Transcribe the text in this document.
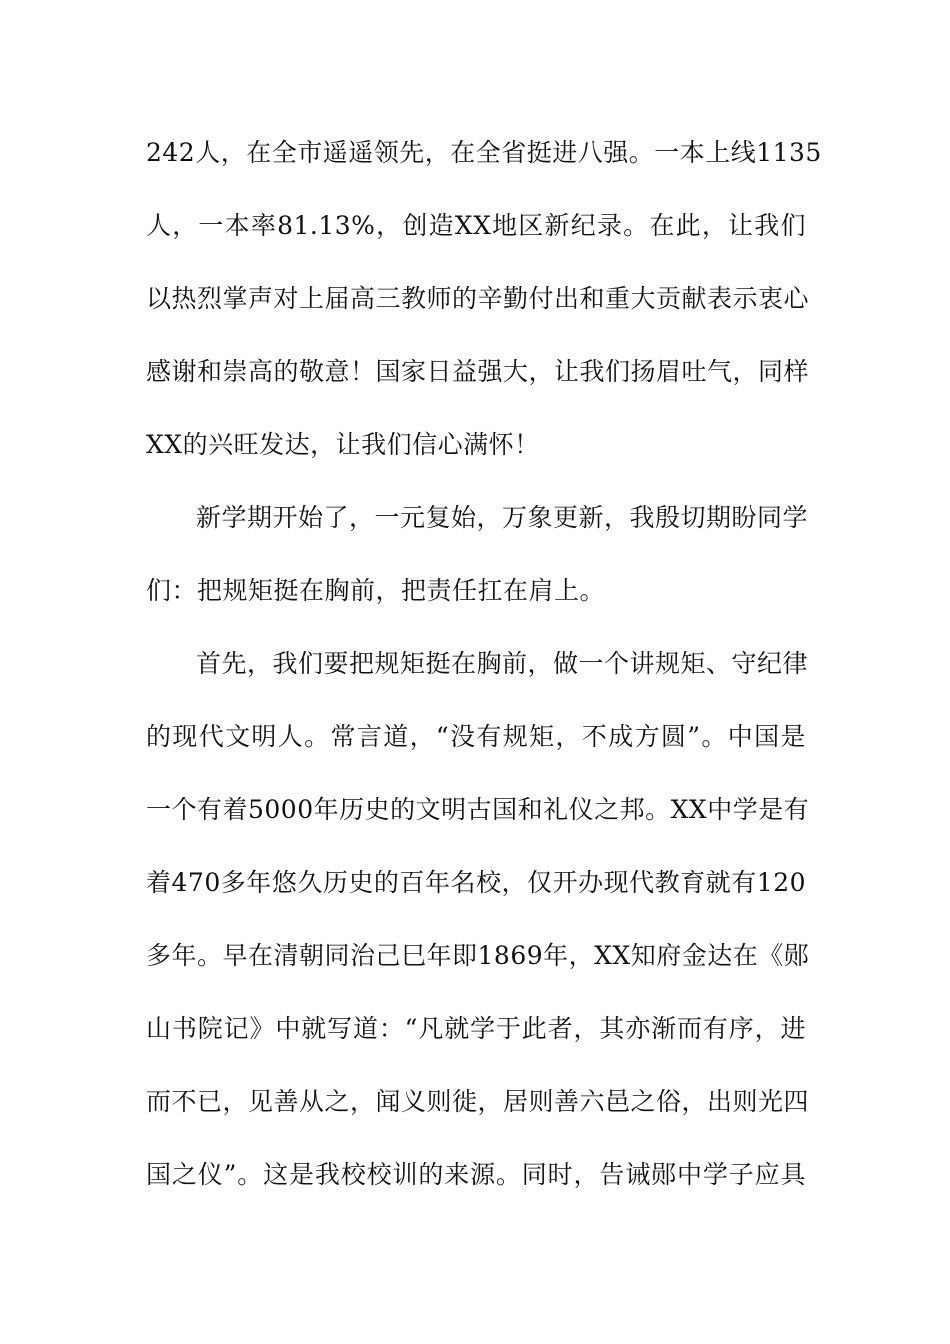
242人，在全市遥遥领先，在全省挺进八强。一本上线1135
人，一本率81.13%，创造XX地区新纪录。在此，让我们
以热烈掌声对上届高三教师的辛勤付出和重大贡献表示衷心
感谢和崇高的敬意！国家日益强大，让我们扬眉吐气，同样
XX的兴旺发达，让我们信心满怀！
新学期开始了，一元复始，万象更新，我殷切期盼同学
们：把规矩挺在胸前，把责任扛在肩上。
首先，我们要把规矩挺在胸前，做一个讲规矩、守纪律
的现代文明人。常言道，“没有规矩，不成方圆”。中国是
一个有着5000年历史的文明古国和礼仪之邦。XX中学是有
着470多年悠久历史的百年名校，仅开办现代教育就有120
多年。早在清朝同治己巳年即1869年，XX知府金达在《郧
山书院记》中就写道：“凡就学于此者，其亦渐而有序，进
而不已，见善从之，闻义则徙，居则善六邑之俗，出则光四
国之仪”。这是我校校训的来源。同时，告诫郧中学子应具
